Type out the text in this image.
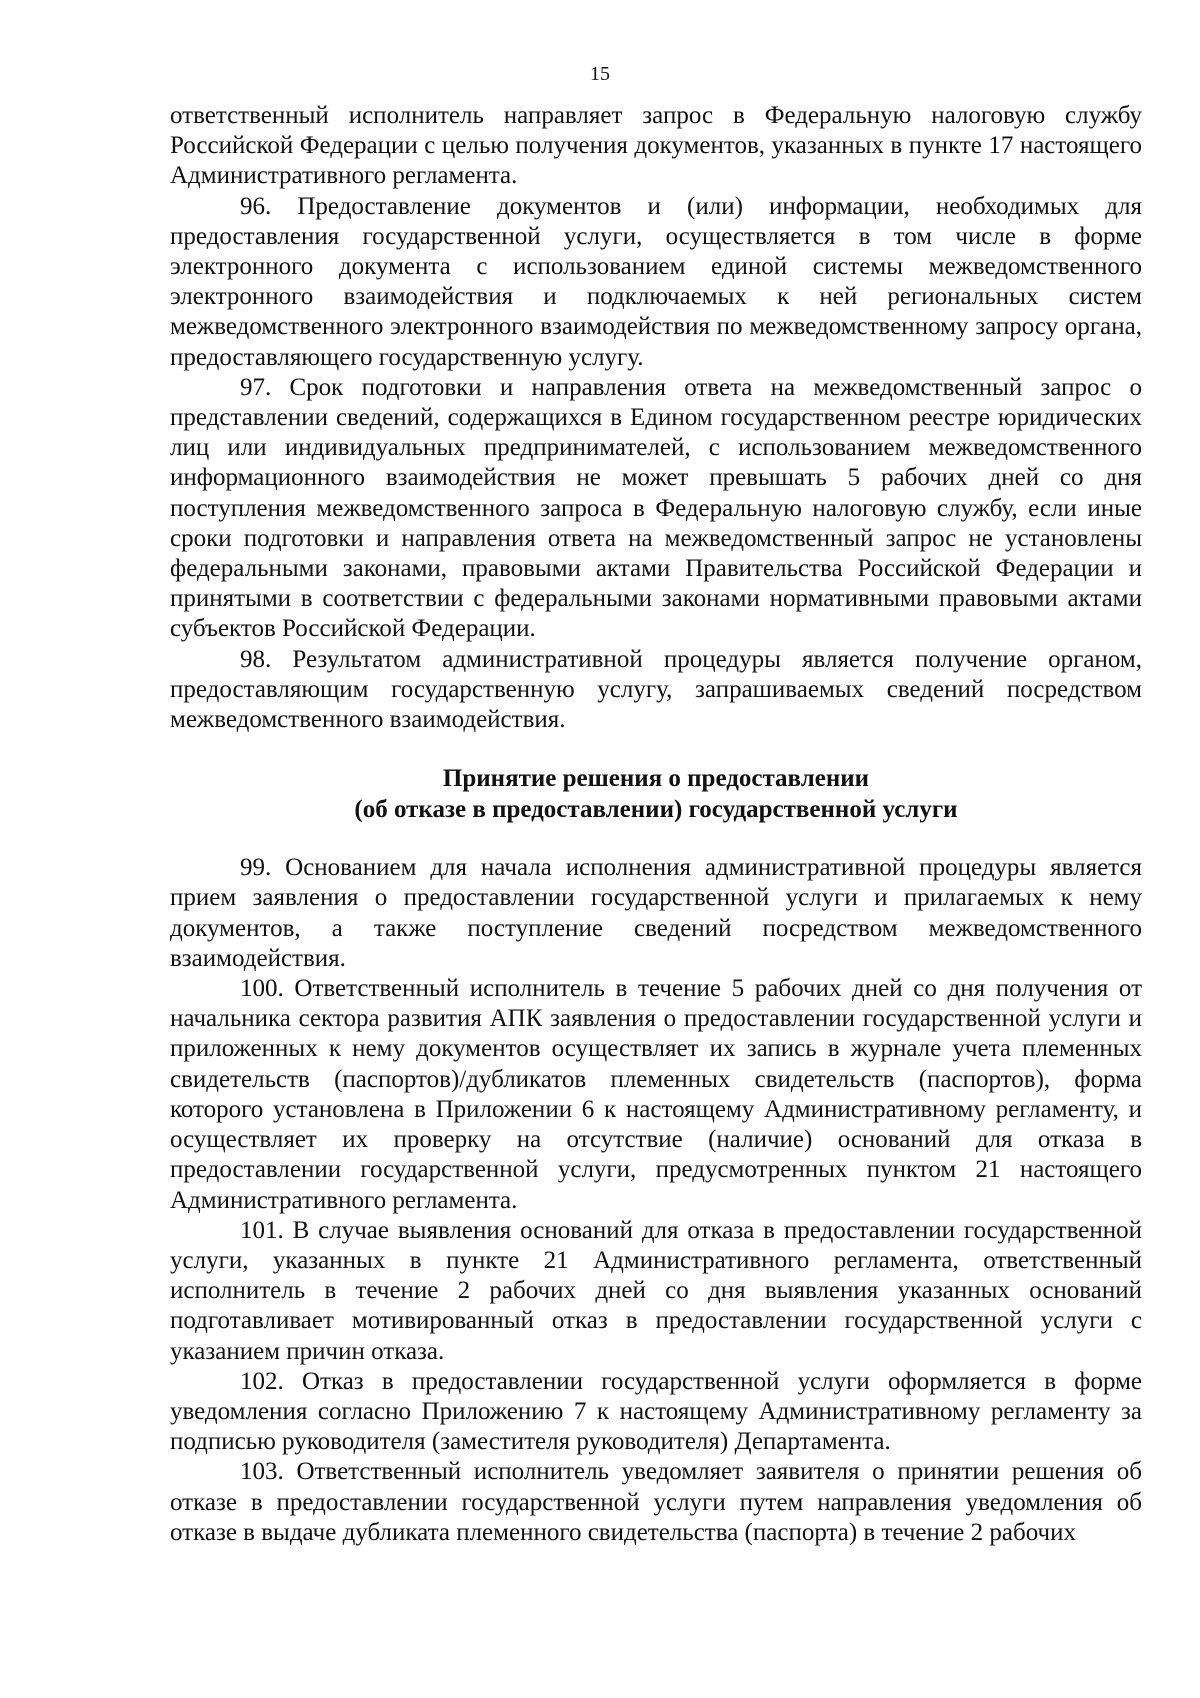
15

ответственный исполнитель направляет запрос в Федеральную налоговую службу Российской Федерации с целью получения документов, указанных в пункте 17 настоящего Административного регламента.

96. Предоставление документов и (или) информации, необходимых для предоставления государственной услуги, осуществляется в том числе в форме электронного документа с использованием единой системы межведомственного электронного взаимодействия и подключаемых к ней региональных систем межведомственного электронного взаимодействия по межведомственному запросу органа, предоставляющего государственную услугу.

97. Срок подготовки и направления ответа на межведомственный запрос о представлении сведений, содержащихся в Едином государственном реестре юридических лиц или индивидуальных предпринимателей, с использованием межведомственного информационного взаимодействия не может превышать 5 рабочих дней со дня поступления межведомственного запроса в Федеральную налоговую службу, если иные сроки подготовки и направления ответа на межведомственный запрос не установлены федеральными законами, правовыми актами Правительства Российской Федерации и принятыми в соответствии с федеральными законами нормативными правовыми актами субъектов Российской Федерации.

98. Результатом административной процедуры является получение органом, предоставляющим государственную услугу, запрашиваемых сведений посредством межведомственного взаимодействия.

Принятие решения о предоставлении
(об отказе в предоставлении) государственной услуги

99. Основанием для начала исполнения административной процедуры является прием заявления о предоставлении государственной услуги и прилагаемых к нему документов, а также поступление сведений посредством межведомственного взаимодействия.

100. Ответственный исполнитель в течение 5 рабочих дней со дня получения от начальника сектора развития АПК заявления о предоставлении государственной услуги и приложенных к нему документов осуществляет их запись в журнале учета племенных свидетельств (паспортов)/дубликатов племенных свидетельств (паспортов), форма которого установлена в Приложении 6 к настоящему Административному регламенту, и осуществляет их проверку на отсутствие (наличие) оснований для отказа в предоставлении государственной услуги, предусмотренных пунктом 21 настоящего Административного регламента.

101. В случае выявления оснований для отказа в предоставлении государственной услуги, указанных в пункте 21 Административного регламента, ответственный исполнитель в течение 2 рабочих дней со дня выявления указанных оснований подготавливает мотивированный отказ в предоставлении государственной услуги с указанием причин отказа.

102. Отказ в предоставлении государственной услуги оформляется в форме уведомления согласно Приложению 7 к настоящему Административному регламенту за подписью руководителя (заместителя руководителя) Департамента.

103. Ответственный исполнитель уведомляет заявителя о принятии решения об отказе в предоставлении государственной услуги путем направления уведомления об отказе в выдаче дубликата племенного свидетельства (паспорта) в течение 2 рабочих
